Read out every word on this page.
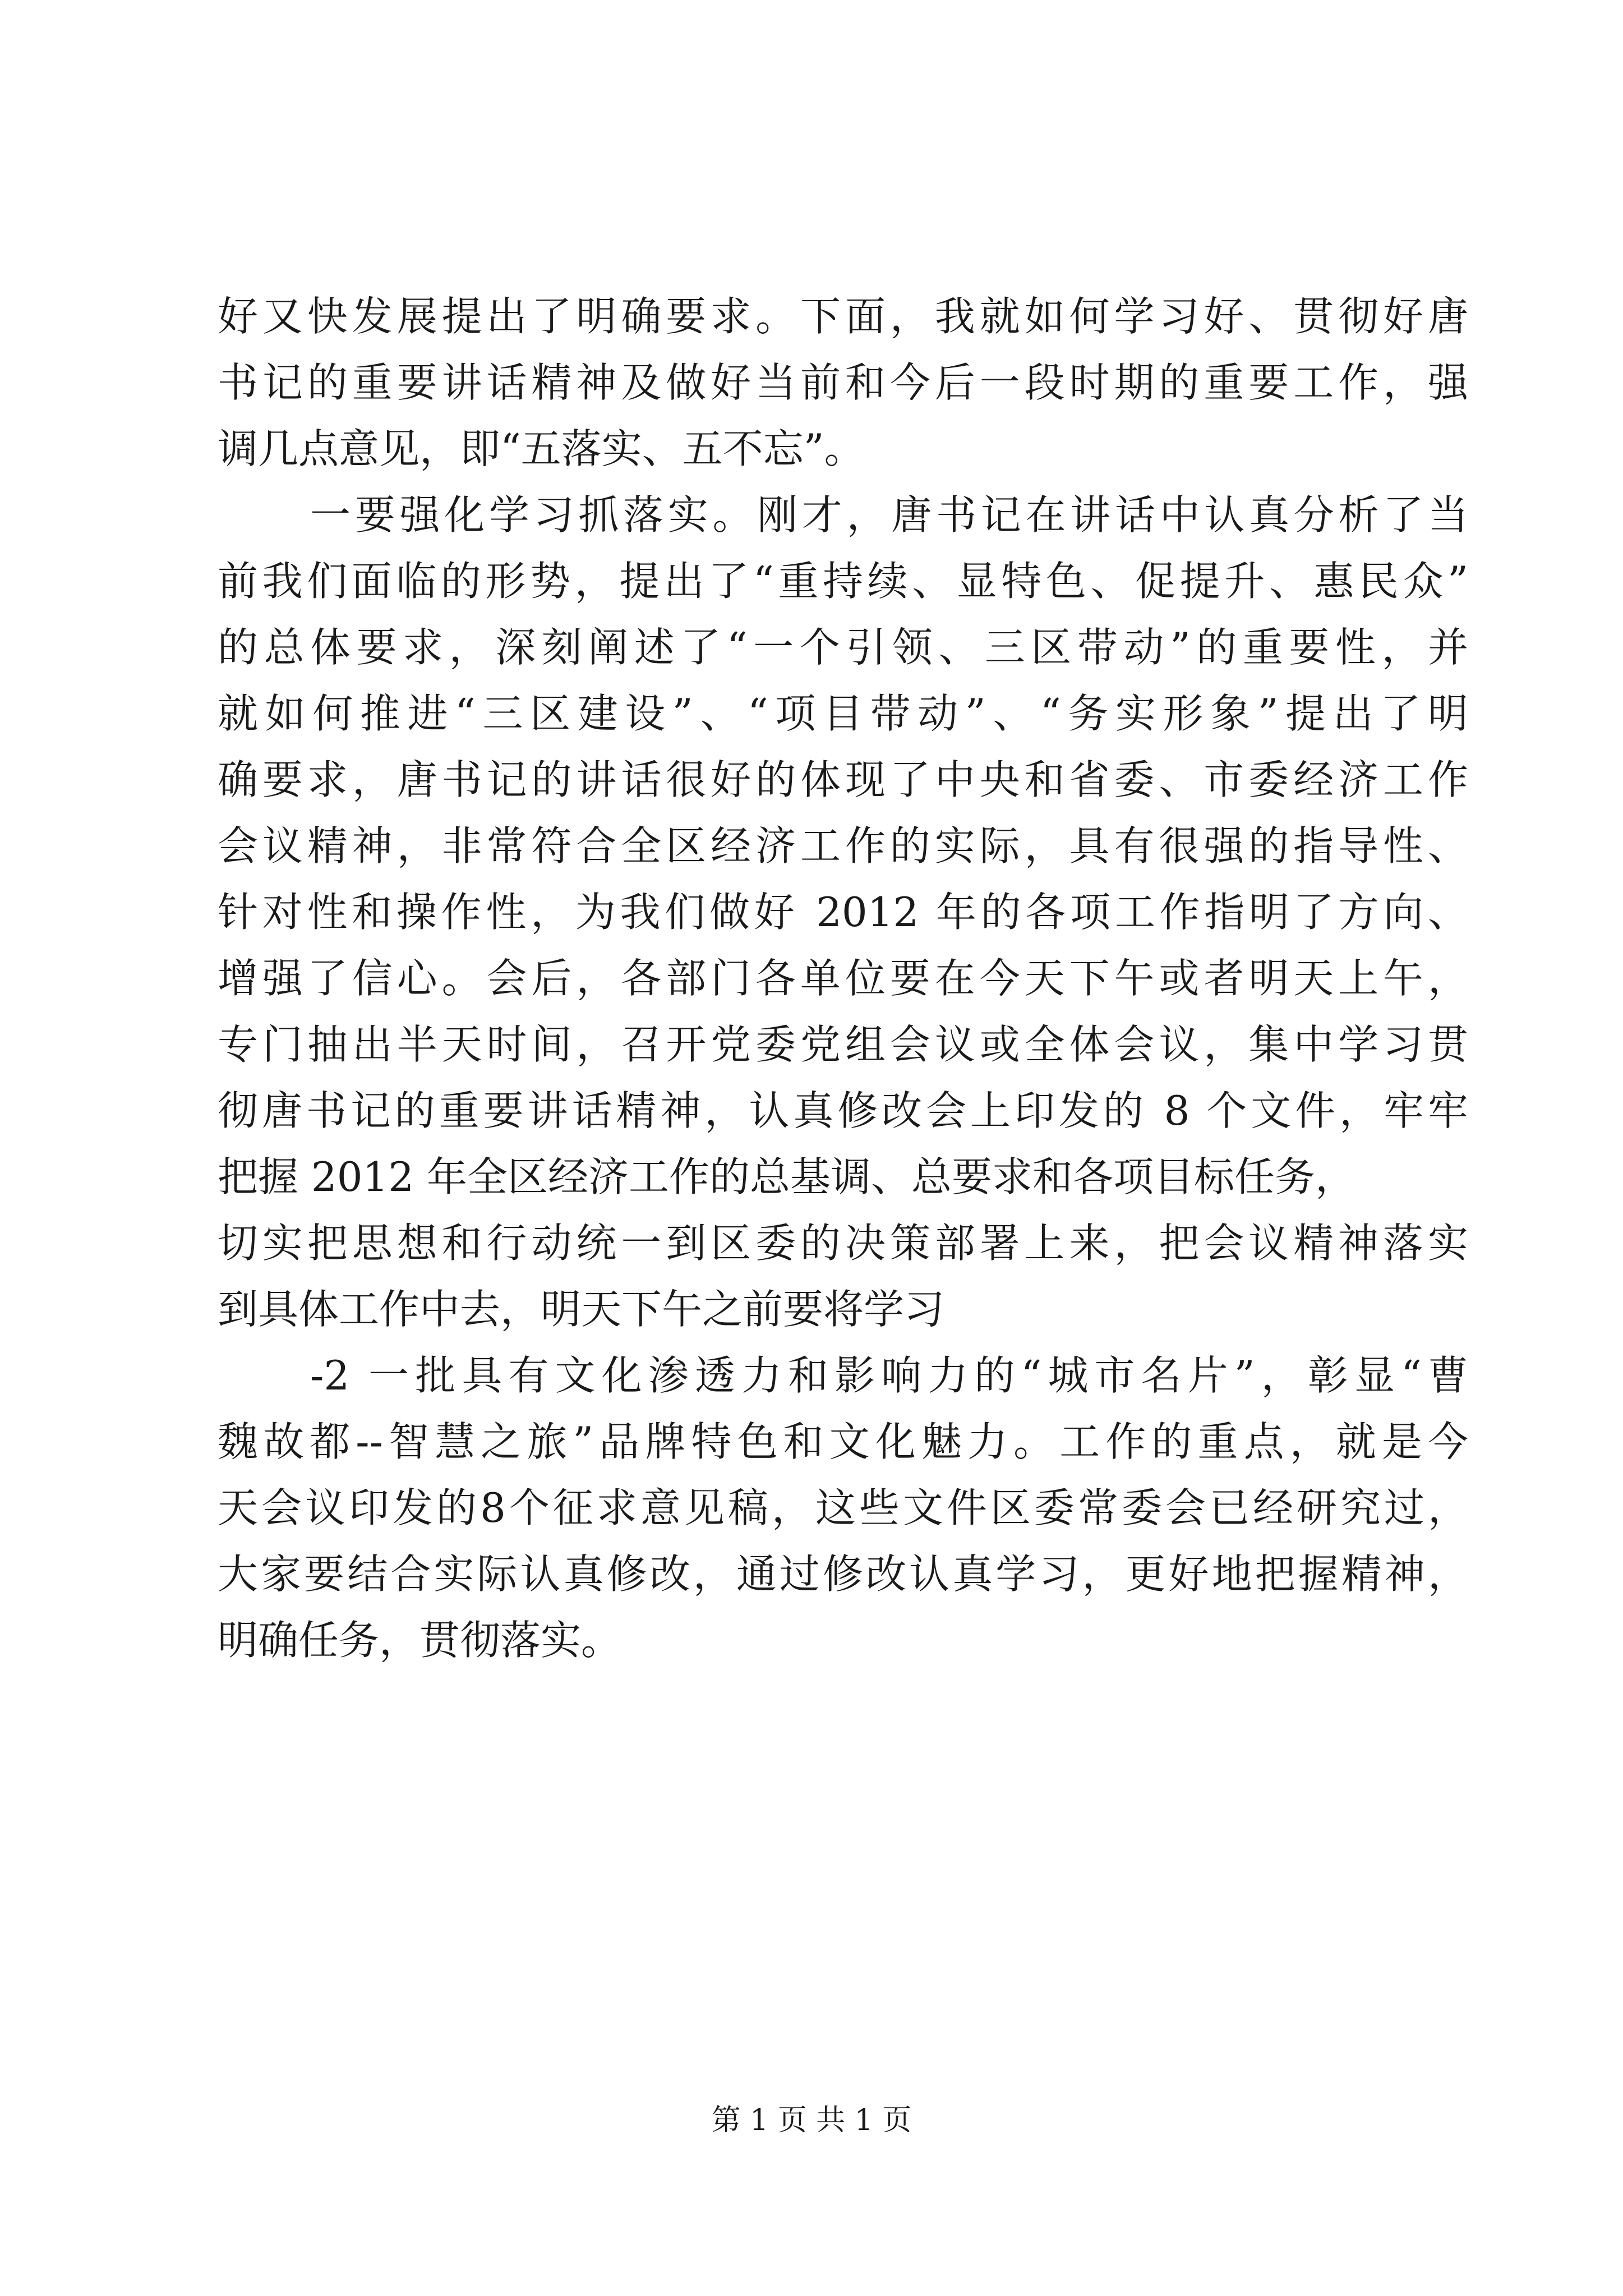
好又快发展提出了明确要求。下面，我就如何学习好、贯彻好唐
书记的重要讲话精神及做好当前和今后一段时期的重要工作，强
调几点意见，即“五落实、五不忘”。
一要强化学习抓落实。刚才，唐书记在讲话中认真分析了当
前我们面临的形势，提出了“重持续、显特色、促提升、惠民众”
的总体要求，深刻阐述了“一个引领、三区带动”的重要性，并
就如何推进“三区建设”、“项目带动”、“务实形象”提出了明
确要求，唐书记的讲话很好的体现了中央和省委、市委经济工作
会议精神，非常符合全区经济工作的实际，具有很强的指导性、
针对性和操作性，为我们做好 2012 年的各项工作指明了方向、
增强了信心。会后，各部门各单位要在今天下午或者明天上午，
专门抽出半天时间，召开党委党组会议或全体会议，集中学习贯
彻唐书记的重要讲话精神，认真修改会上印发的 8 个文件，牢牢
把握 2012 年全区经济工作的总基调、总要求和各项目标任务，
切实把思想和行动统一到区委的决策部署上来，把会议精神落实
到具体工作中去，明天下午之前要将学习
-2 一批具有文化渗透力和影响力的“城市名片”，彰显“曹
魏故都--智慧之旅”品牌特色和文化魅力。工作的重点，就是今
天会议印发的8个征求意见稿，这些文件区委常委会已经研究过，
大家要结合实际认真修改，通过修改认真学习，更好地把握精神，
明确任务，贯彻落实。
第 1 页 共 1 页
